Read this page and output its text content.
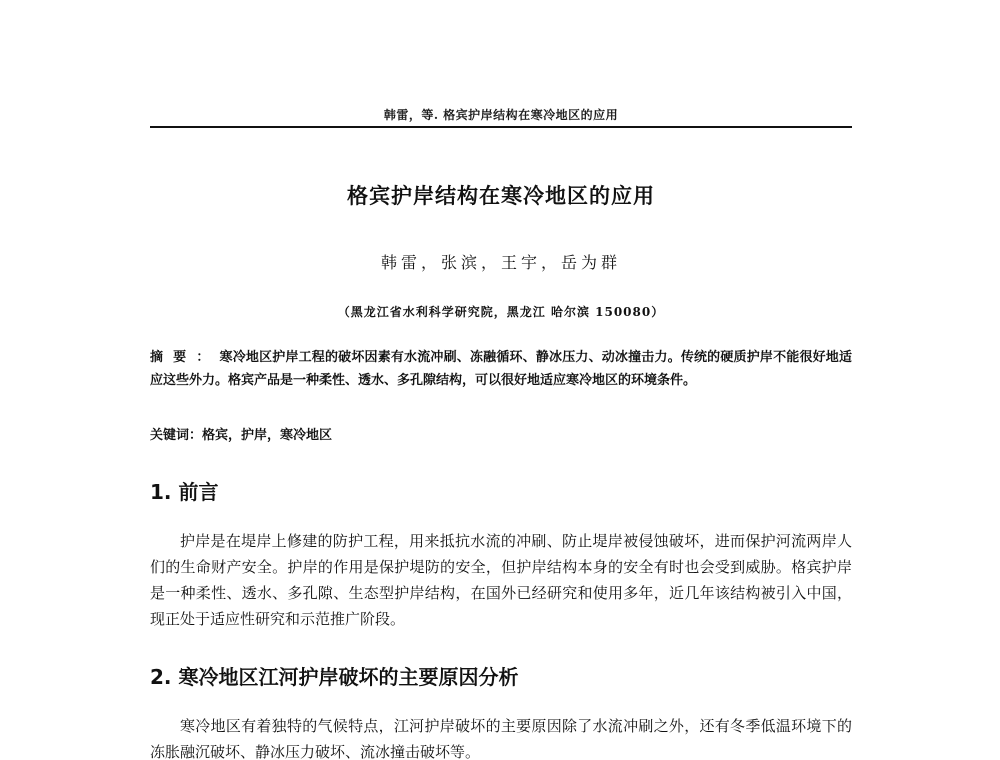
韩雷，等. 格宾护岸结构在寒冷地区的应用
格宾护岸结构在寒冷地区的应用
韩雷，张滨，王宇，岳为群
（黑龙江省水利科学研究院，黑龙江 哈尔滨 150080）
摘要：寒冷地区护岸工程的破坏因素有水流冲刷、冻融循环、静冰压力、动冰撞击力。传统的硬质护岸不能很好地适应这些外力。格宾产品是一种柔性、透水、多孔隙结构，可以很好地适应寒冷地区的环境条件。
关键词：格宾，护岸，寒冷地区
1. 前言
护岸是在堤岸上修建的防护工程，用来抵抗水流的冲刷、防止堤岸被侵蚀破坏，进而保护河流两岸人们的生命财产安全。护岸的作用是保护堤防的安全，但护岸结构本身的安全有时也会受到威胁。格宾护岸是一种柔性、透水、多孔隙、生态型护岸结构，在国外已经研究和使用多年，近几年该结构被引入中国，现正处于适应性研究和示范推广阶段。
2. 寒冷地区江河护岸破坏的主要原因分析
寒冷地区有着独特的气候特点，江河护岸破坏的主要原因除了水流冲刷之外，还有冬季低温环境下的冻胀融沉破坏、静冰压力破坏、流冰撞击破坏等。
